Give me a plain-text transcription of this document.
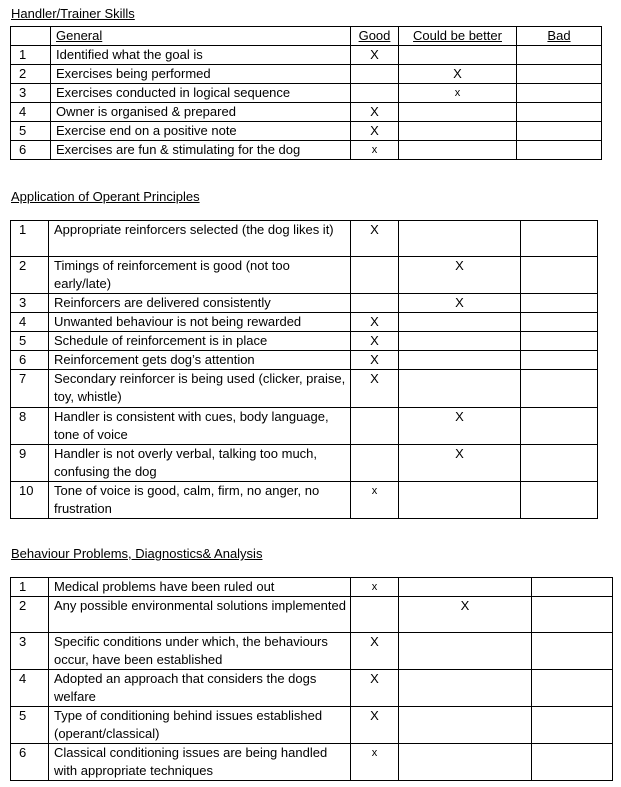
Handler/Trainer Skills
	General	Good	Could be better	Bad
1	Identified what the goal is	X		
2	Exercises being performed		X	
3	Exercises conducted in logical sequence		x	
4	Owner is organised & prepared	X		
5	Exercise end on a positive note	X		
6	Exercises are fun & stimulating for the dog	x		
Application of Operant Principles
1	Appropriate reinforcers selected (the dog likes it)	X		
2	Timings of reinforcement is good (not too early/late)		X	
3	Reinforcers are delivered consistently		X	
4	Unwanted behaviour is not being rewarded	X		
5	Schedule of reinforcement is in place	X		
6	Reinforcement gets dog’s attention	X		
7	Secondary reinforcer is being used (clicker, praise, toy, whistle)	X		
8	Handler is consistent with cues, body language, tone of voice		X	
9	Handler is not overly verbal, talking too much, confusing the dog		X	
10	Tone of voice is good, calm, firm, no anger, no frustration	x		
Behaviour Problems, Diagnostics& Analysis
1	Medical problems have been ruled out	x		
2	Any possible environmental solutions implemented		X	
3	Specific conditions under which, the behaviours occur, have been established	X		
4	Adopted an approach that considers the dogs welfare	X		
5	Type of conditioning behind issues established (operant/classical)	X		
6	Classical conditioning issues are being handled with appropriate techniques	x		
